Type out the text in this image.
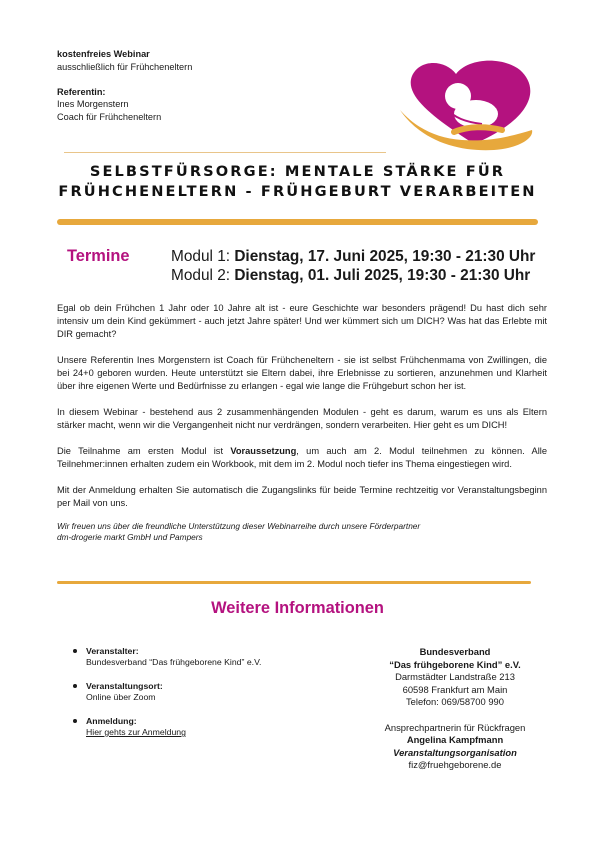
kostenfreies Webinar
ausschließlich für Frühcheneltern

Referentin:
Ines Morgenstern
Coach für Frühcheneltern
SELBSTFÜRSORGE: MENTALE STÄRKE FÜR
FRÜHCHENELTERN - FRÜHGEBURT VERARBEITEN
Termine	Modul 1: Dienstag, 17. Juni 2025, 19:30 - 21:30 Uhr
Modul 2: Dienstag, 01. Juli 2025, 19:30 - 21:30 Uhr

Egal ob dein Frühchen 1 Jahr oder 10 Jahre alt ist - eure Geschichte war besonders prägend! Du hast dich sehr intensiv um dein Kind gekümmert - auch jetzt Jahre später! Und wer kümmert sich um DICH? Was hat das Erlebte mit DIR gemacht?

Unsere Referentin Ines Morgenstern ist Coach für Frühcheneltern - sie ist selbst Frühchenmama von Zwillingen, die bei 24+0 geboren wurden. Heute unterstützt sie Eltern dabei, ihre Erlebnisse zu sortieren, anzunehmen und Klarheit über ihre eigenen Werte und Bedürfnisse zu erlangen - egal wie lange die Frühgeburt schon her ist.

In diesem Webinar - bestehend aus 2 zusammenhängenden Modulen - geht es darum, warum es uns als Eltern stärker macht, wenn wir die Vergangenheit nicht nur verdrängen, sondern verarbeiten. Hier geht es um DICH!

Die Teilnahme am ersten Modul ist Voraussetzung, um auch am 2. Modul teilnehmen zu können. Alle Teilnehmer:innen erhalten zudem ein Workbook, mit dem im 2. Modul noch tiefer ins Thema eingestiegen wird.

Mit der Anmeldung erhalten Sie automatisch die Zugangslinks für beide Termine rechtzeitig vor Veranstaltungsbeginn per Mail von uns.

Wir freuen uns über die freundliche Unterstützung dieser Webinarreihe durch unsere Förderpartner
dm-drogerie markt GmbH und Pampers

Weitere Informationen
Veranstalter:
Bundesverband “Das frühgeborene Kind” e.V.
Veranstaltungsort:
Online über Zoom
Anmeldung:
Hier gehts zur Anmeldung
Bundesverband
“Das frühgeborene Kind” e.V.
Darmstädter Landstraße 213
60598 Frankfurt am Main
Telefon: 069/58700 990
Ansprechpartnerin für Rückfragen
Angelina Kampfmann
Veranstaltungsorganisation
fiz@fruehgeborene.de
